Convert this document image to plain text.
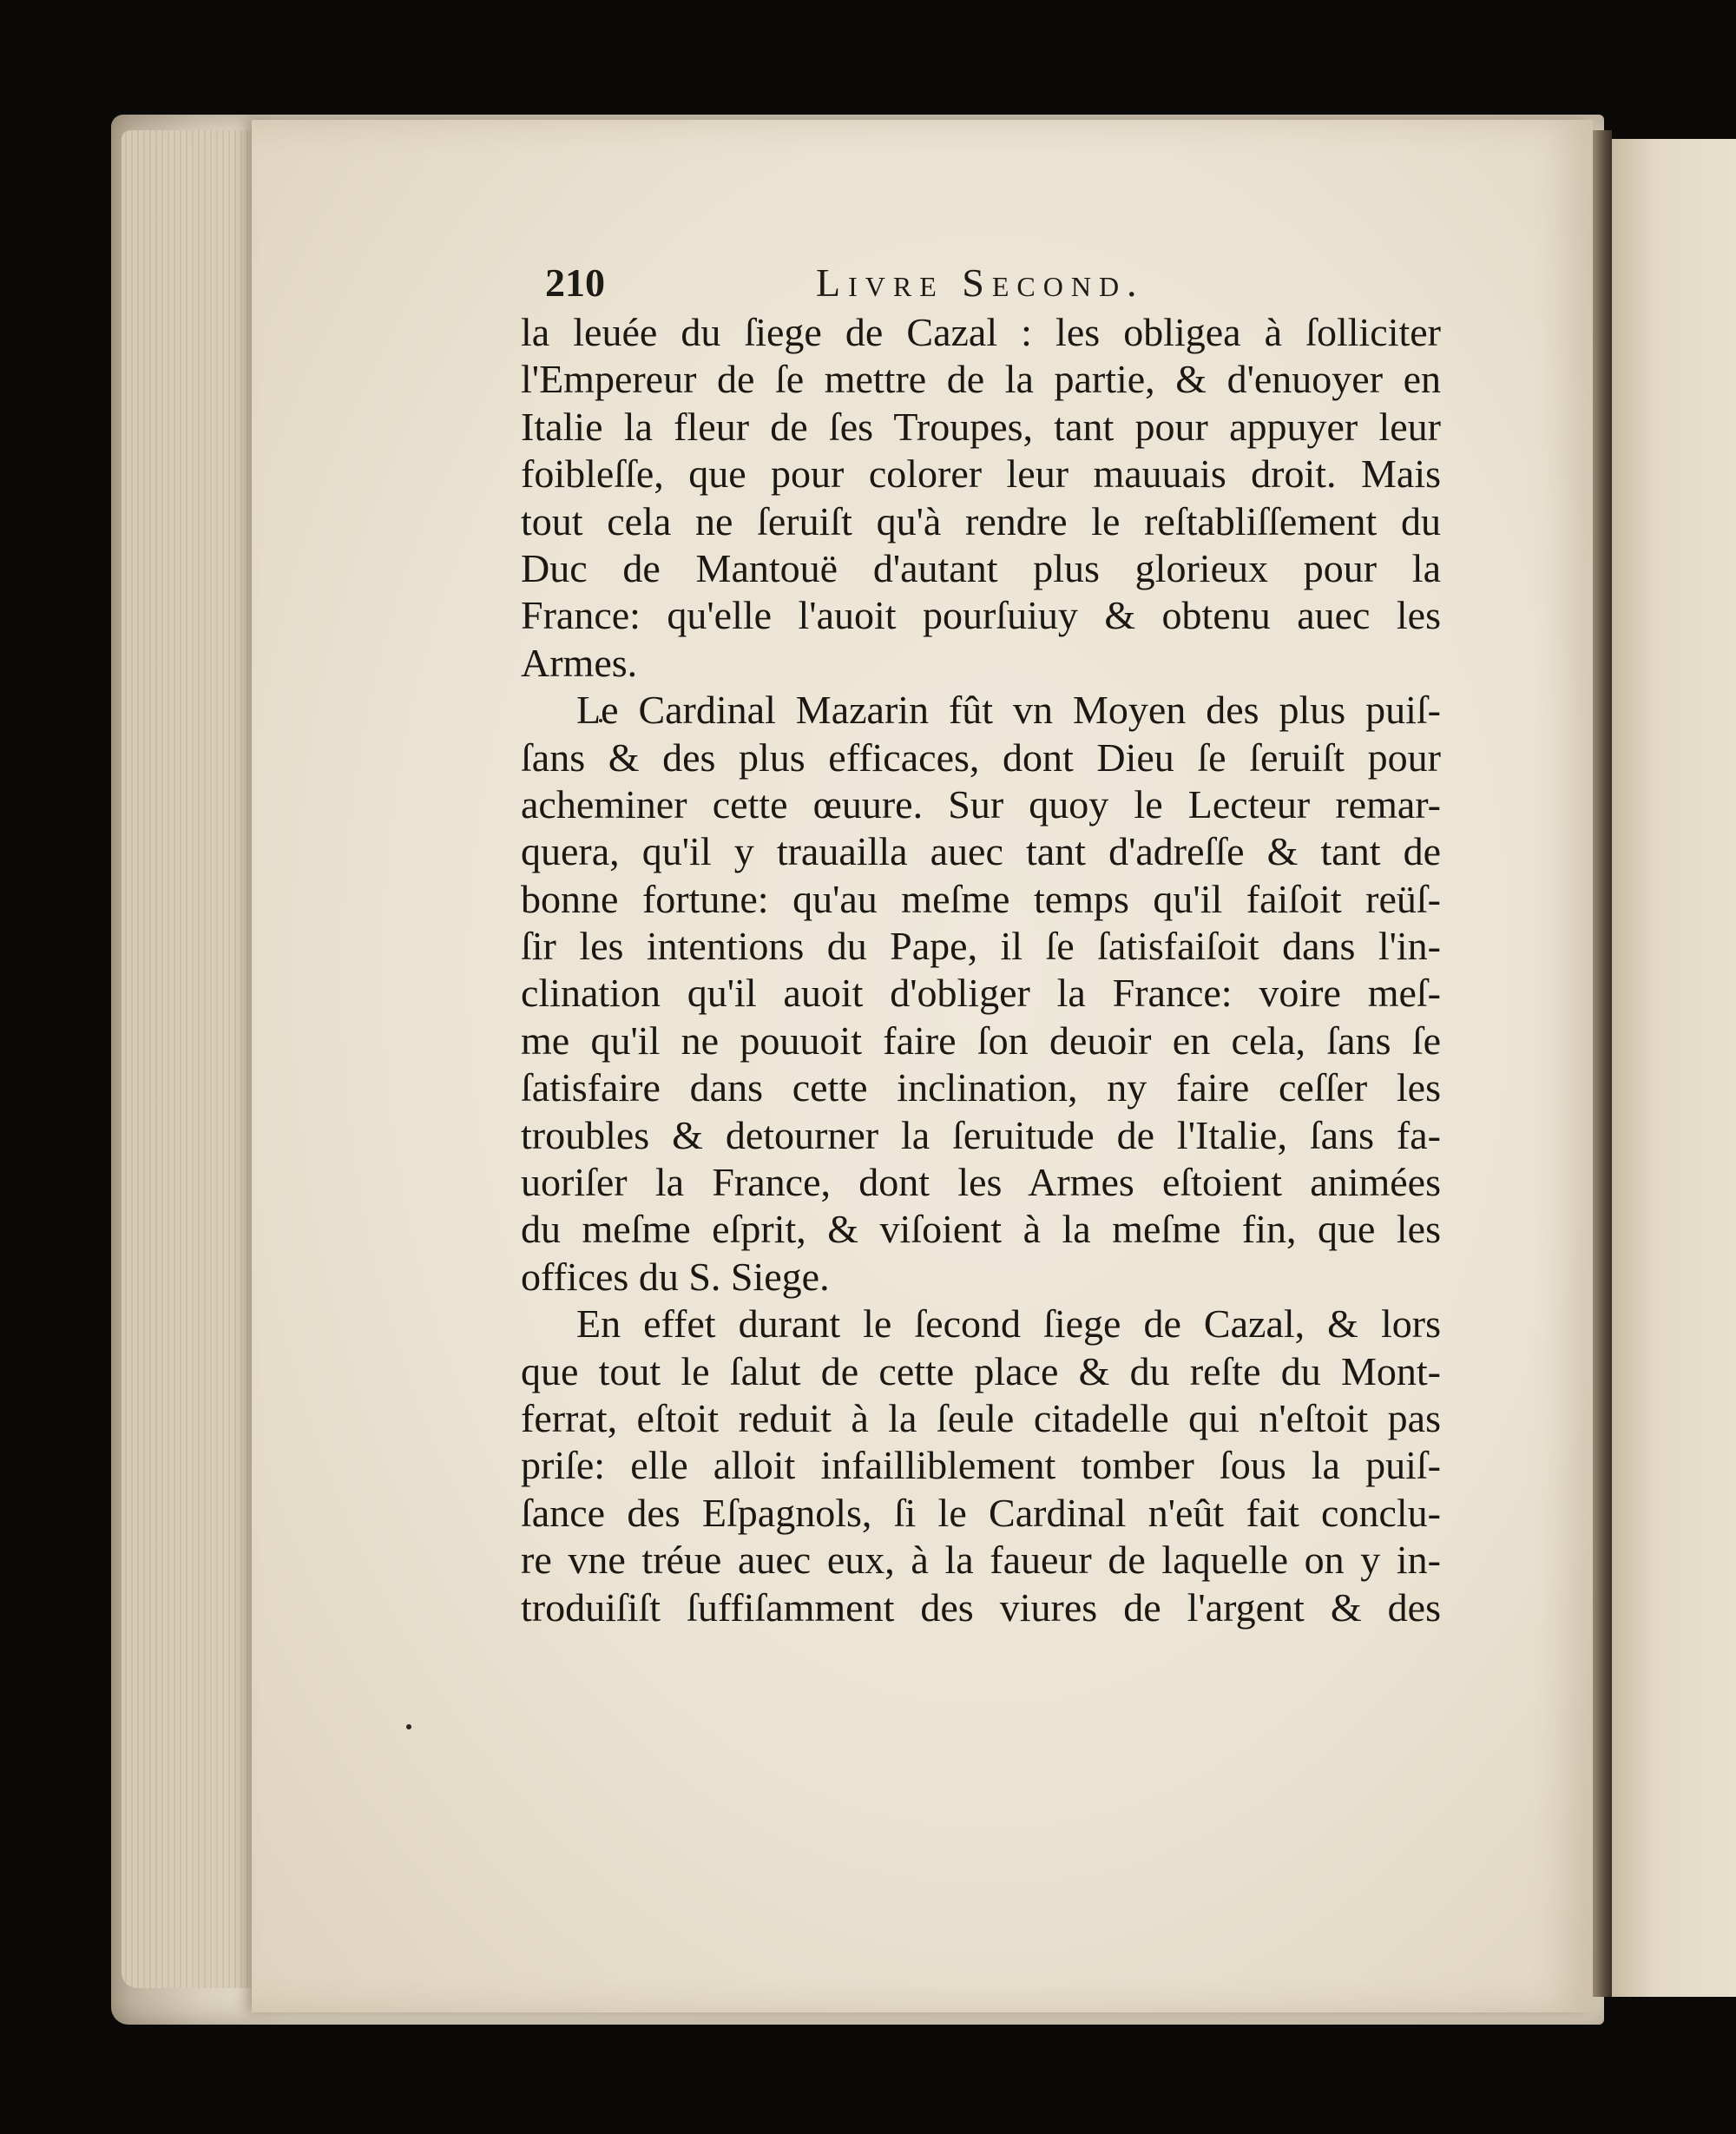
210	Livre Second.
la leuée du ſiege de Cazal : les obligea à ſolliciter
l'Empereur de ſe mettre de la partie, & d'enuoyer en
Italie la fleur de ſes Troupes, tant pour appuyer leur
foibleſſe, que pour colorer leur mauuais droit. Mais
tout cela ne ſeruiſt qu'à rendre le reſtabliſſement du
Duc de Mantouë d'autant plus glorieux pour la
France: qu'elle l'auoit pourſuiuy & obtenu auec les
Armes.
Le Cardinal Mazarin fût vn Moyen des plus puiſ-
ſans & des plus efficaces, dont Dieu ſe ſeruiſt pour
acheminer cette œuure. Sur quoy le Lecteur remar-
quera, qu'il y trauailla auec tant d'adreſſe & tant de
bonne fortune: qu'au meſme temps qu'il faiſoit reüſ-
ſir les intentions du Pape, il ſe ſatisfaiſoit dans l'in-
clination qu'il auoit d'obliger la France: voire meſ-
me qu'il ne pouuoit faire ſon deuoir en cela, ſans ſe
ſatisfaire dans cette inclination, ny faire ceſſer les
troubles & detourner la ſeruitude de l'Italie, ſans fa-
uoriſer la France, dont les Armes eſtoient animées
du meſme eſprit, & viſoient à la meſme fin, que les
offices du S. Siege.
En effet durant le ſecond ſiege de Cazal, & lors
que tout le ſalut de cette place & du reſte du Mont-
ferrat, eſtoit reduit à la ſeule citadelle qui n'eſtoit pas
priſe: elle alloit infailliblement tomber ſous la puiſ-
ſance des Eſpagnols, ſi le Cardinal n'eût fait conclu-
re vne tréue auec eux, à la faueur de laquelle on y in-
troduiſiſt ſuffiſamment des viures de l'argent & des
